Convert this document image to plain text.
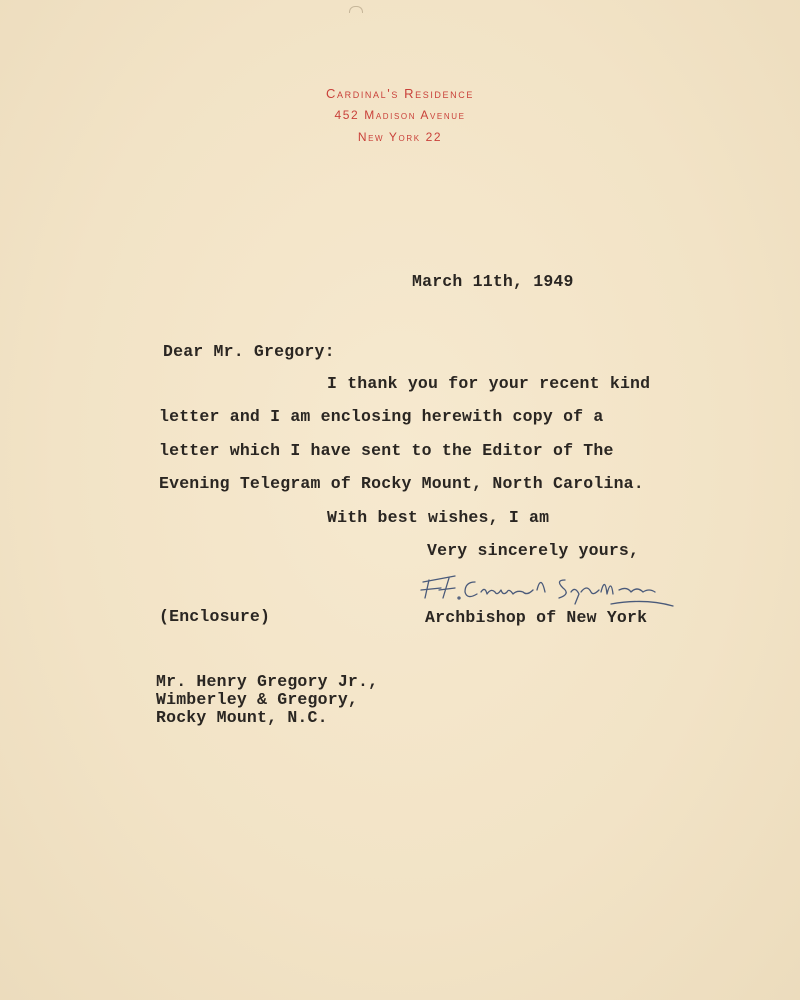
Cardinal's Residence
452 Madison Avenue
New York 22
March 11th, 1949
Dear Mr. Gregory:
I thank you for your recent kind
letter and I am enclosing herewith copy of a
letter which I have sent to the Editor of The
Evening Telegram of Rocky Mount, North Carolina.
With best wishes, I am
Very sincerely yours,
(Enclosure)	Archbishop of New York
Mr. Henry Gregory Jr.,
Wimberley & Gregory,
Rocky Mount, N.C.
